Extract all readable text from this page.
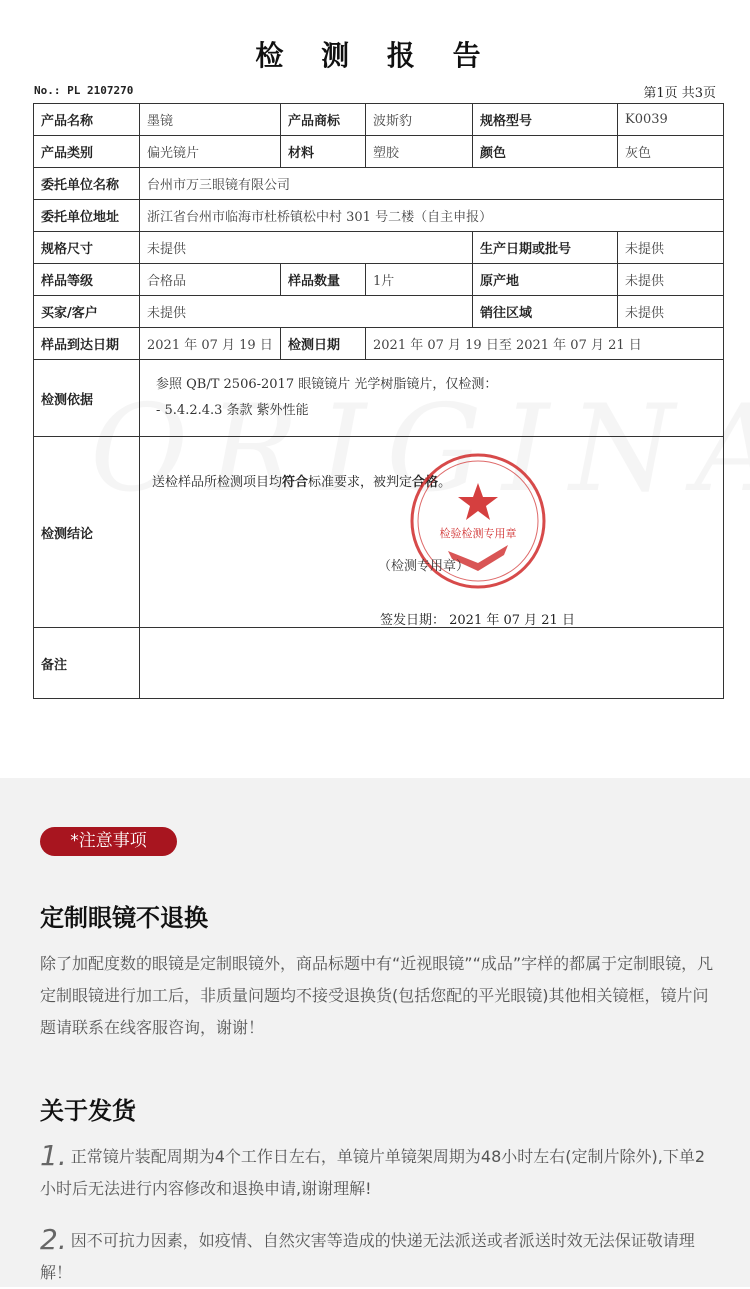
检 测 报 告
No.: PL 2107270	第1页 共3页
产品名称	墨镜	产品商标	波斯豹	规格型号	K0039
产品类别	偏光镜片	材料	塑胶	颜色	灰色
委托单位名称	台州市万三眼镜有限公司				
委托单位地址	浙江省台州市临海市杜桥镇松中村 301 号二楼（自主申报）				
规格尺寸	未提供			生产日期或批号	未提供
样品等级	合格品	样品数量	1片	原产地	未提供
买家/客户	未提供			销往区域	未提供
样品到达日期	2021 年 07 月 19 日	检测日期	2021 年 07 月 19 日至 2021 年 07 月 21 日		
检测依据	参照 QB/T 2506-2017 眼镜镜片 光学树脂镜片，仅检测：
- 5.4.2.4.3 条款 紫外性能				

检测结论	送检样品所检测项目均符合标准要求，被判定合格。
检验检测专用章
（检测专用章）
签发日期： 2021 年 07 月 21 日				

备注					
*注意事项
定制眼镜不退换
除了加配度数的眼镜是定制眼镜外，商品标题中有“近视眼镜”“成品”字样的都属于定制眼镜，凡定制眼镜进行加工后，非质量问题均不接受退换货(包括您配的平光眼镜)其他相关镜框，镜片问题请联系在线客服咨询，谢谢！
关于发货
1. 正常镜片装配周期为4个工作日左右，单镜片单镜架周期为48小时左右(定制片除外),下单2小时后无法进行内容修改和退换申请,谢谢理解!
2. 因不可抗力因素，如疫情、自然灾害等造成的快递无法派送或者派送时效无法保证敬请理解！
